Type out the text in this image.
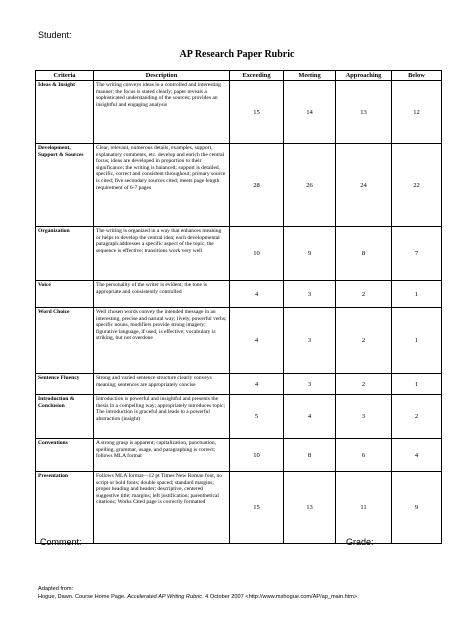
Student:
AP Research Paper Rubric
Criteria	Description	Exceeding	Meeting	Approaching	Below
Ideas & Insight	The writing conveys ideas in a controlled and interesting manner; the focus is stated clearly; paper reveals a sophisticated understanding of the sources; provides an insightful and engaging analysis	15	14	13	12
Development, Support & Sources	Clear, relevant, numerous details, examples, support, explanatory comments, etc. develop and enrich the central focus; ideas are developed in proportion to their significance; the writing is balanced; support is detailed, specific, correct and consistent throughout; primary source is cited; five secondary sources cited; meets page length requirement of 6-7 pages	28	26	24	22
Organization	The writing is organized in a way that enhances meaning or helps to develop the central idea; each developmental paragraph addresses a specific aspect of the topic, the sequence is effective; transitions work very well	10	9	8	7
Voice	The personality of the writer is evident; the tone is appropriate and consistently controlled	4	3	2	1
Word Choice	Well chosen words convey the intended message in an interesting, precise and natural way; lively, powerful verbs; specific nouns, modifiers provide strong imagery; figurative language, if used, is effective; vocabulary is striking, but not overdone	4	3	2	1
Sentence Fluency	Strong and varied sentence structure clearly conveys meaning; sentences are appropriately concise	4	3	2	1
Introduction & Conclusion	Introduction is powerful and insightful and presents the thesis in a compelling way; appropriately introduces topic; The introduction is graceful and leads to a powerful abstraction (insight)	5	4	3	2
Conventions	A strong grasp is apparent; capitalization, punctuation, spelling, grammar, usage, and paragraphing is correct; follows MLA format	10	8	6	4
Presentation	Follows MLA format—12 pt Times New Roman font, no script or bold fonts; double spaced; standard margins; proper heading and header; descriptive, centered suggestive title; margins; left justification; parenthetical citations; Works Cited page is correctly formatted	15	13	11	9
Comment:	Grade:
Adapted from:
Hogue, Dawn. Course Home Page. Accelerated AP Writing Rubric. 4 October 2007 <http://www.mshogue.com/AP/ap_main.htm>.
